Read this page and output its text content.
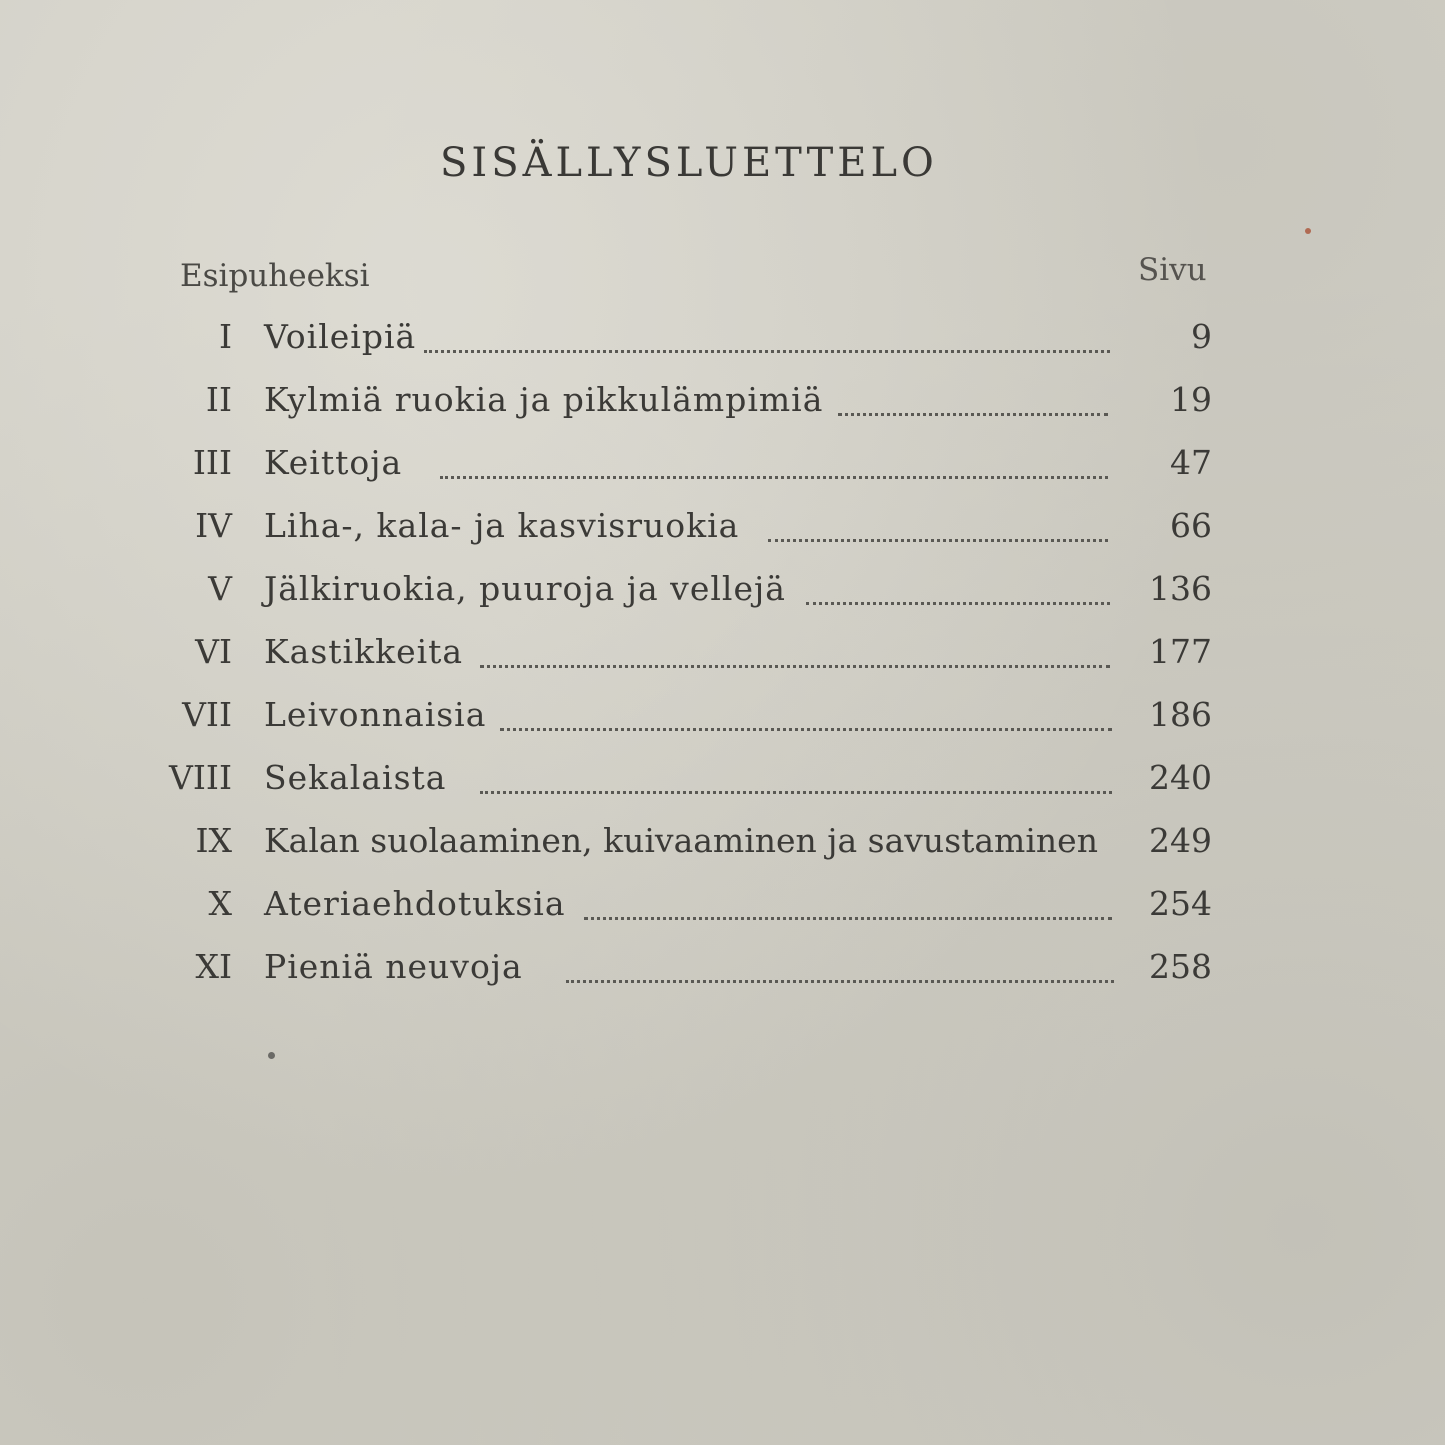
SISÄLLYSLUETTELO
Esipuheeksi	Sivu
I Voileipiä	9
II Kylmiä ruokia ja pikkulämpimiä	19
III Keittoja	47
IV Liha-, kala- ja kasvisruokia	66
V Jälkiruokia, puuroja ja vellejä	136
VI Kastikkeita	177
VII Leivonnaisia	186
VIII Sekalaista	240
IX Kalan suolaaminen, kuivaaminen ja savustaminen 249
X Ateriaehdotuksia	254
XI Pieniä neuvoja	258
